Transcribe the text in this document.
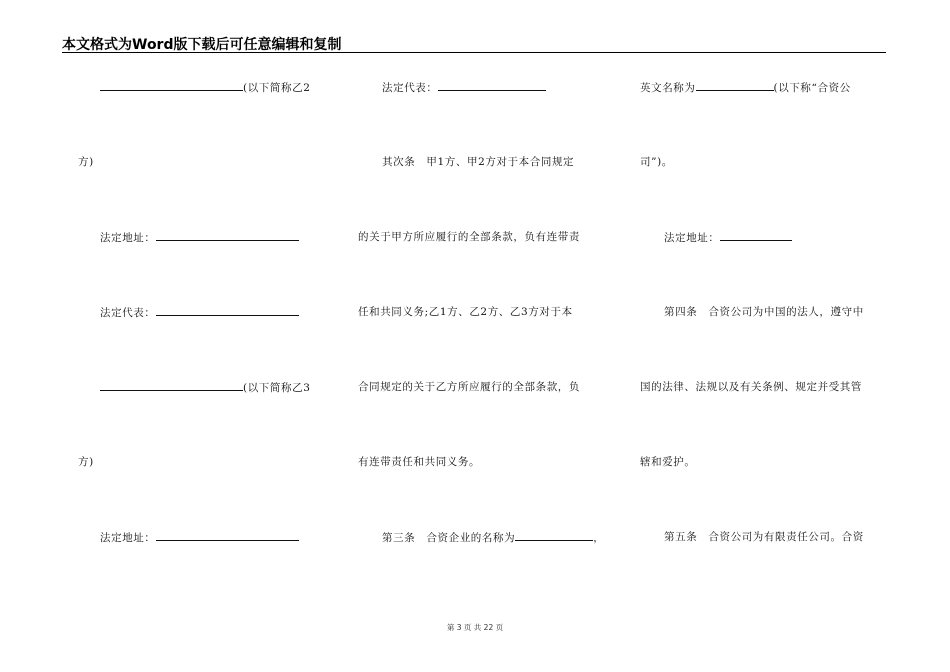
本文格式为Word版下载后可任意编辑和复制
(以下简称乙2
方)
法定地址：
法定代表：
(以下简称乙3
方)
法定地址：
法定代表：
其次条　甲1方、甲2方对于本合同规定
的关于甲方所应履行的全部条款，负有连带责
任和共同义务;乙1方、乙2方、乙3方对于本
合同规定的关于乙方所应履行的全部条款，负
有连带责任和共同义务。
第三条　合资企业的名称为	，
英文名称为	(以下称“合资公
司”)。
法定地址：
第四条　合资公司为中国的法人，遵守中
国的法律、法规以及有关条例、规定并受其管
辖和爱护。
第五条　合资公司为有限责任公司。合资
第 3 页 共 22 页
